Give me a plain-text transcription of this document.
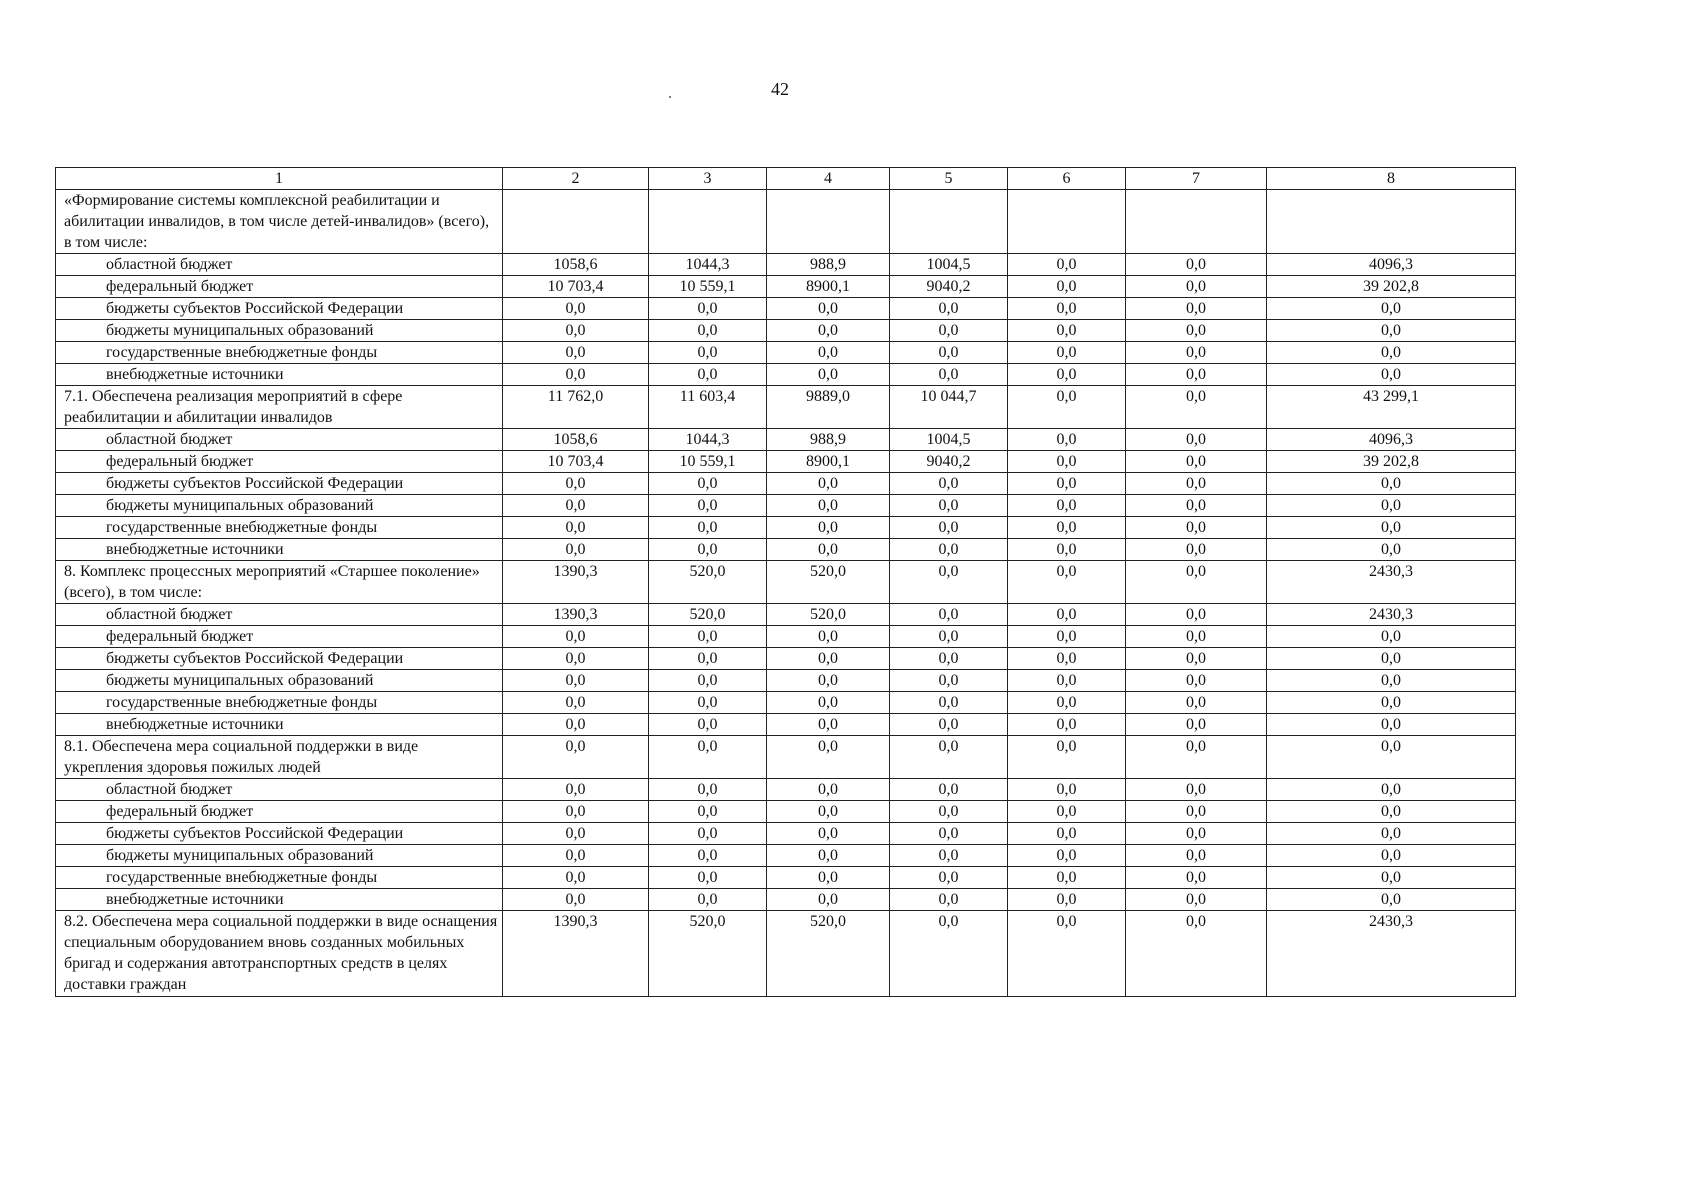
42
1	2	3	4	5	6	7	8
«Формирование системы комплексной реабилитации и абилитации инвалидов, в том числе детей-инвалидов» (всего), в том числе:							
областной бюджет	1058,6	1044,3	988,9	1004,5	0,0	0,0	4096,3
федеральный бюджет	10 703,4	10 559,1	8900,1	9040,2	0,0	0,0	39 202,8
бюджеты субъектов Российской Федерации	0,0	0,0	0,0	0,0	0,0	0,0	0,0
бюджеты муниципальных образований	0,0	0,0	0,0	0,0	0,0	0,0	0,0
государственные внебюджетные фонды	0,0	0,0	0,0	0,0	0,0	0,0	0,0
внебюджетные источники	0,0	0,0	0,0	0,0	0,0	0,0	0,0
7.1. Обеспечена реализация мероприятий в сфере реабилитации и абилитации инвалидов	11 762,0	11 603,4	9889,0	10 044,7	0,0	0,0	43 299,1
областной бюджет	1058,6	1044,3	988,9	1004,5	0,0	0,0	4096,3
федеральный бюджет	10 703,4	10 559,1	8900,1	9040,2	0,0	0,0	39 202,8
бюджеты субъектов Российской Федерации	0,0	0,0	0,0	0,0	0,0	0,0	0,0
бюджеты муниципальных образований	0,0	0,0	0,0	0,0	0,0	0,0	0,0
государственные внебюджетные фонды	0,0	0,0	0,0	0,0	0,0	0,0	0,0
внебюджетные источники	0,0	0,0	0,0	0,0	0,0	0,0	0,0
8. Комплекс процессных мероприятий «Старшее поколение» (всего), в том числе:	1390,3	520,0	520,0	0,0	0,0	0,0	2430,3
областной бюджет	1390,3	520,0	520,0	0,0	0,0	0,0	2430,3
федеральный бюджет	0,0	0,0	0,0	0,0	0,0	0,0	0,0
бюджеты субъектов Российской Федерации	0,0	0,0	0,0	0,0	0,0	0,0	0,0
бюджеты муниципальных образований	0,0	0,0	0,0	0,0	0,0	0,0	0,0
государственные внебюджетные фонды	0,0	0,0	0,0	0,0	0,0	0,0	0,0
внебюджетные источники	0,0	0,0	0,0	0,0	0,0	0,0	0,0
8.1. Обеспечена мера социальной поддержки в виде укрепления здоровья пожилых людей	0,0	0,0	0,0	0,0	0,0	0,0	0,0
областной бюджет	0,0	0,0	0,0	0,0	0,0	0,0	0,0
федеральный бюджет	0,0	0,0	0,0	0,0	0,0	0,0	0,0
бюджеты субъектов Российской Федерации	0,0	0,0	0,0	0,0	0,0	0,0	0,0
бюджеты муниципальных образований	0,0	0,0	0,0	0,0	0,0	0,0	0,0
государственные внебюджетные фонды	0,0	0,0	0,0	0,0	0,0	0,0	0,0
внебюджетные источники	0,0	0,0	0,0	0,0	0,0	0,0	0,0
8.2. Обеспечена мера социальной поддержки в виде оснащения специальным оборудованием вновь созданных мобильных бригад и содержания автотранспортных средств в целях доставки граждан	1390,3	520,0	520,0	0,0	0,0	0,0	2430,3
